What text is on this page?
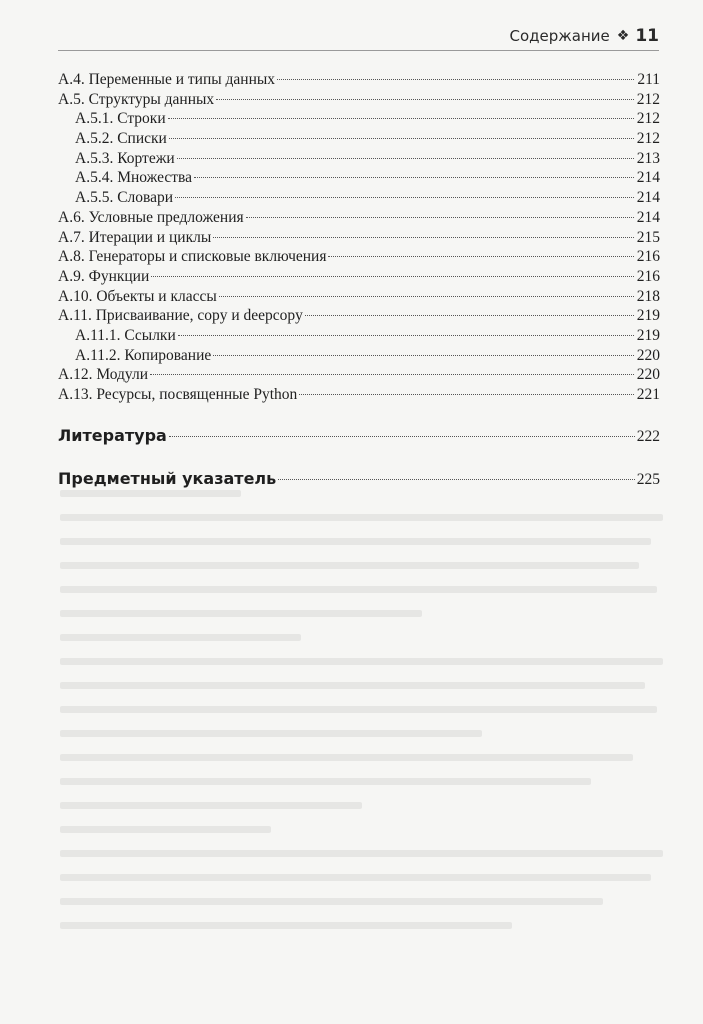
Содержание ❖ 11
А.4. Переменные и типы данных	211
А.5. Структуры данных	212
А.5.1. Строки	212
А.5.2. Списки	212
А.5.3. Кортежи	213
А.5.4. Множества	214
А.5.5. Словари	214
А.6. Условные предложения	214
А.7. Итерации и циклы	215
А.8. Генераторы и списковые включения	216
А.9. Функции	216
А.10. Объекты и классы	218
А.11. Присваивание, copy и deepcopy	219
А.11.1. Ссылки	219
А.11.2. Копирование	220
А.12. Модули	220
А.13. Ресурсы, посвященные Python	221
Литература	222
Предметный указатель	225
